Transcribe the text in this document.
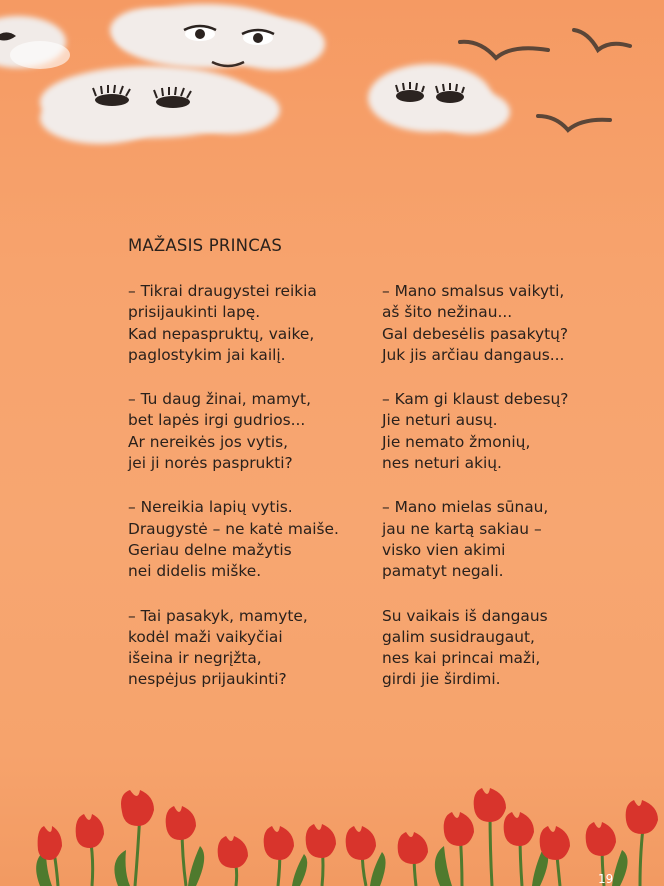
MAŽASIS PRINCAS
– Tikrai draugystei reikia
prisijaukinti lapę.
Kad nepaspruktų, vaike,
paglostykim jai kailį.
– Tu daug žinai, mamyt,
bet lapės irgi gudrios...
Ar nereikės jos vytis,
jei ji norės pasprukti?
– Nereikia lapių vytis.
Draugystė – ne katė maiše.
Geriau delne mažytis
nei didelis miške.
– Tai pasakyk, mamyte,
kodėl maži vaikyčiai
išeina ir negrįžta,
nespėjus prijaukinti?
– Mano smalsus vaikyti,
aš šito nežinau...
Gal debesėlis pasakytų?
Juk jis arčiau dangaus...
– Kam gi klaust debesų?
Jie neturi ausų.
Jie nemato žmonių,
nes neturi akių.
– Mano mielas sūnau,
jau ne kartą sakiau –
visko vien akimi
pamatyt negali.
Su vaikais iš dangaus
galim susidraugaut,
nes kai princai maži,
girdi jie širdimi.
19
